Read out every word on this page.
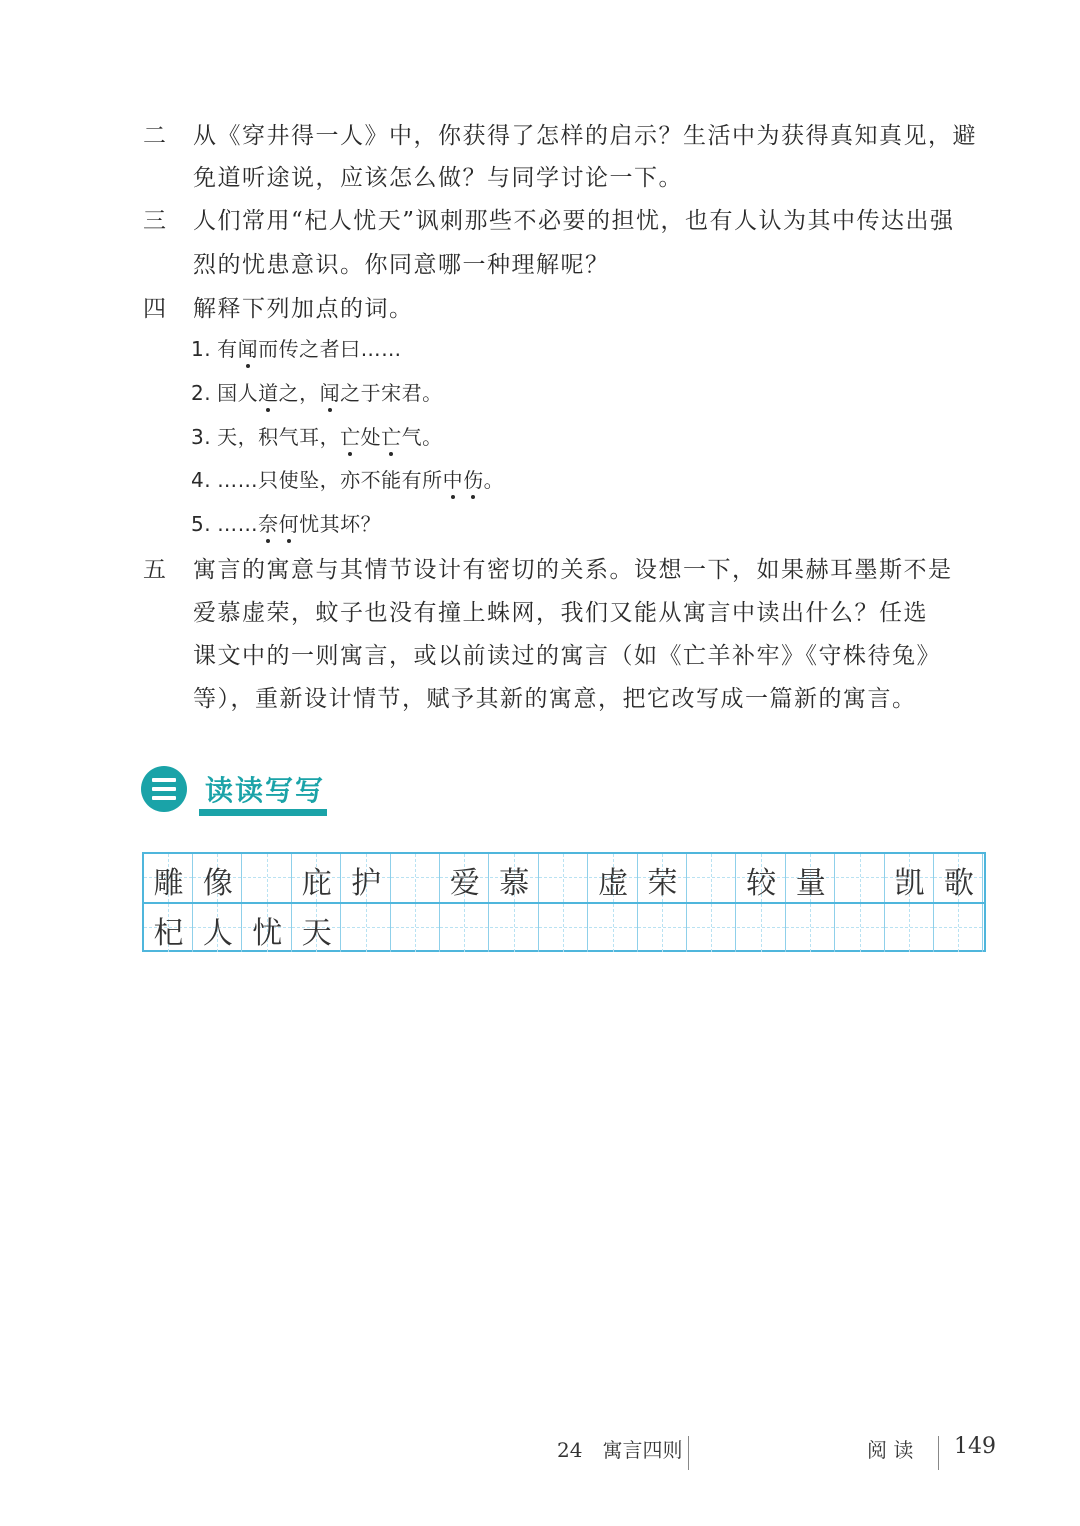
二	从《穿井得一人》中，你获得了怎样的启示？生活中为获得真知真见，避
免道听途说，应该怎么做？与同学讨论一下。
三	人们常用“杞人忧天”讽刺那些不必要的担忧，也有人认为其中传达出强
烈的忧患意识。你同意哪一种理解呢？
四	解释下列加点的词。
1. 有闻而传之者曰……
2. 国人道之，闻之于宋君。
3. 天，积气耳，亡处亡气。
4. ……只使坠，亦不能有所中伤。
5. ……奈何忧其坏？
五	寓言的寓意与其情节设计有密切的关系。设想一下，如果赫耳墨斯不是
爱慕虚荣，蚊子也没有撞上蛛网，我们又能从寓言中读出什么？任选
课文中的一则寓言，或以前读过的寓言（如《亡羊补牢》《守株待兔》
等），重新设计情节，赋予其新的寓意，把它改写成一篇新的寓言。
读读写写
雕 像	庇 护	爱 慕	虚 荣	较 量	凯 歌
杞 人 忧 天
24　寓言四则	阅 读 149
